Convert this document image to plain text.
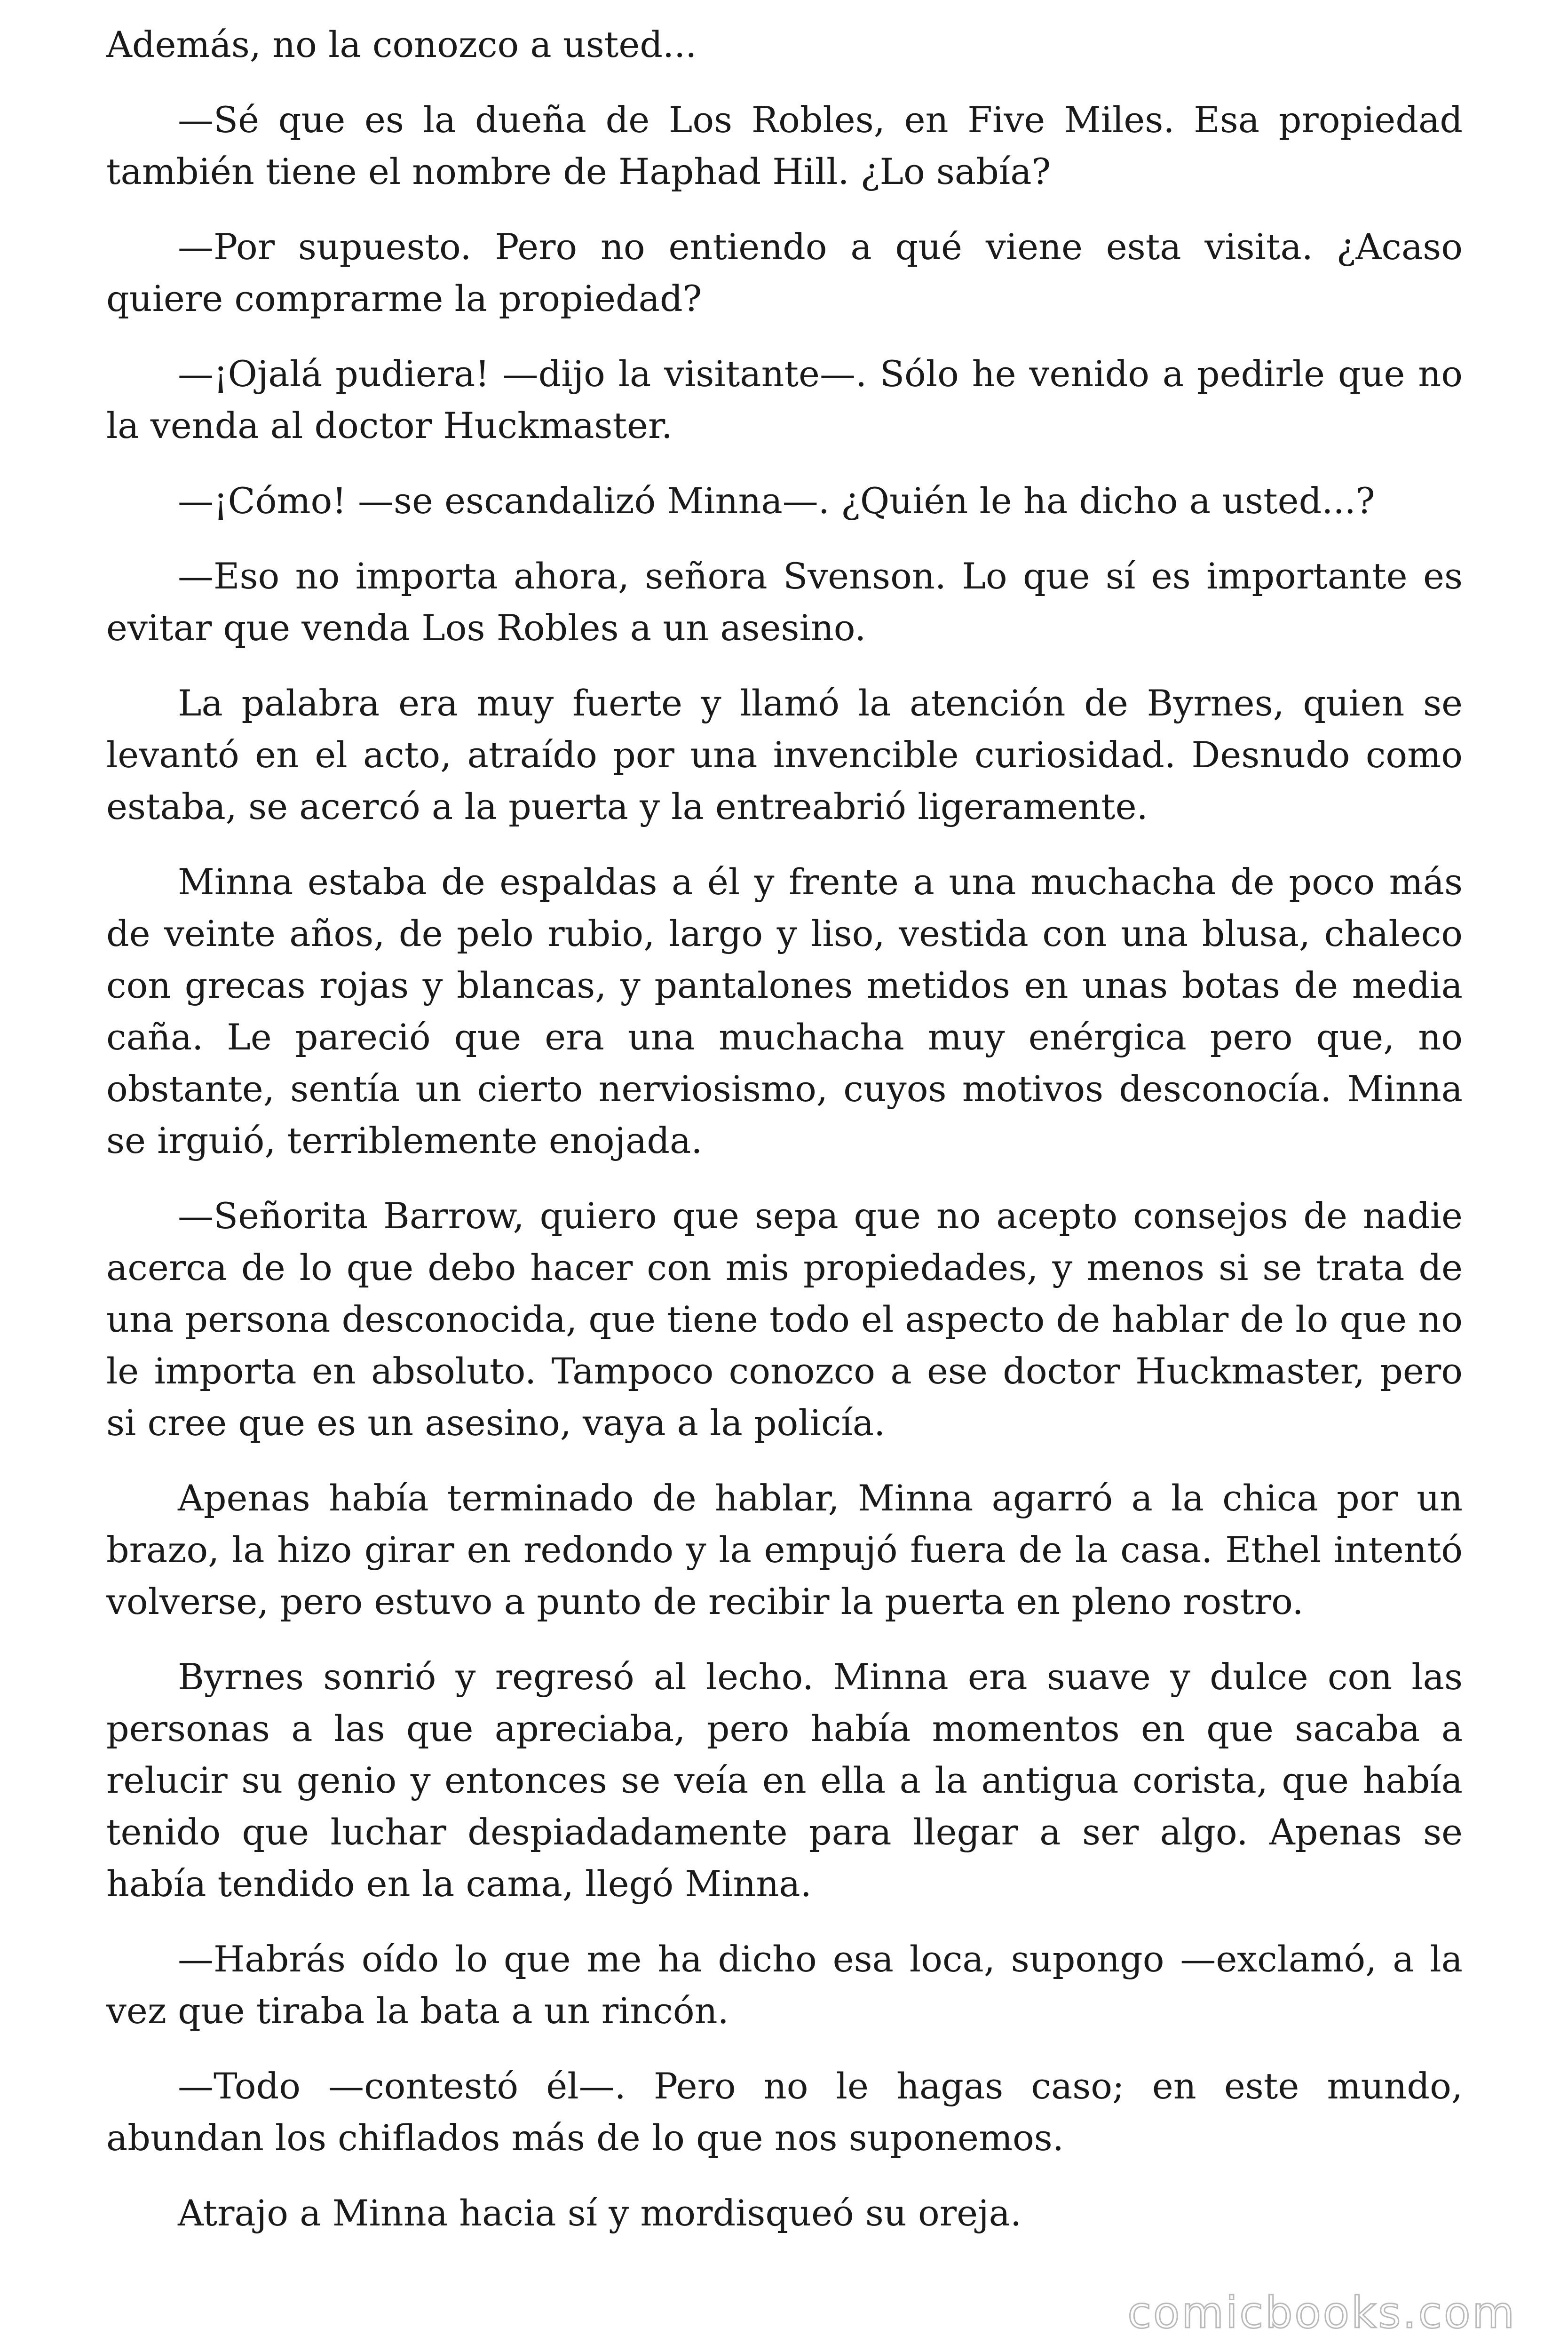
Además, no la conozco a usted...

—Sé que es la dueña de Los Robles, en Five Miles. Esa propiedad también tiene el nombre de Haphad Hill. ¿Lo sabía?

—Por supuesto. Pero no entiendo a qué viene esta visita. ¿Acaso quiere comprarme la propiedad?

—¡Ojalá pudiera! —dijo la visitante—. Sólo he venido a pedirle que no la venda al doctor Huckmaster.

—¡Cómo! —se escandalizó Minna—. ¿Quién le ha dicho a usted...?

—Eso no importa ahora, señora Svenson. Lo que sí es importante es evitar que venda Los Robles a un asesino.

La palabra era muy fuerte y llamó la atención de Byrnes, quien se levantó en el acto, atraído por una invencible curiosidad. Desnudo como estaba, se acercó a la puerta y la entreabrió ligeramente.

Minna estaba de espaldas a él y frente a una muchacha de poco más de veinte años, de pelo rubio, largo y liso, vestida con una blusa, chaleco con grecas rojas y blancas, y pantalones metidos en unas botas de media caña. Le pareció que era una muchacha muy enérgica pero que, no obstante, sentía un cierto nerviosismo, cuyos motivos desconocía. Minna se irguió, terriblemente enojada.

—Señorita Barrow, quiero que sepa que no acepto consejos de nadie acerca de lo que debo hacer con mis propiedades, y menos si se trata de una persona desconocida, que tiene todo el aspecto de hablar de lo que no le importa en absoluto. Tampoco conozco a ese doctor Huckmaster, pero si cree que es un asesino, vaya a la policía.

Apenas había terminado de hablar, Minna agarró a la chica por un brazo, la hizo girar en redondo y la empujó fuera de la casa. Ethel intentó volverse, pero estuvo a punto de recibir la puerta en pleno rostro.

Byrnes sonrió y regresó al lecho. Minna era suave y dulce con las personas a las que apreciaba, pero había momentos en que sacaba a relucir su genio y entonces se veía en ella a la antigua corista, que había tenido que luchar despiadadamente para llegar a ser algo. Apenas se había tendido en la cama, llegó Minna.

—Habrás oído lo que me ha dicho esa loca, supongo —exclamó, a la vez que tiraba la bata a un rincón.

—Todo —contestó él—. Pero no le hagas caso; en este mundo, abundan los chiflados más de lo que nos suponemos.

Atrajo a Minna hacia sí y mordisqueó su oreja.

comicbooks.com
